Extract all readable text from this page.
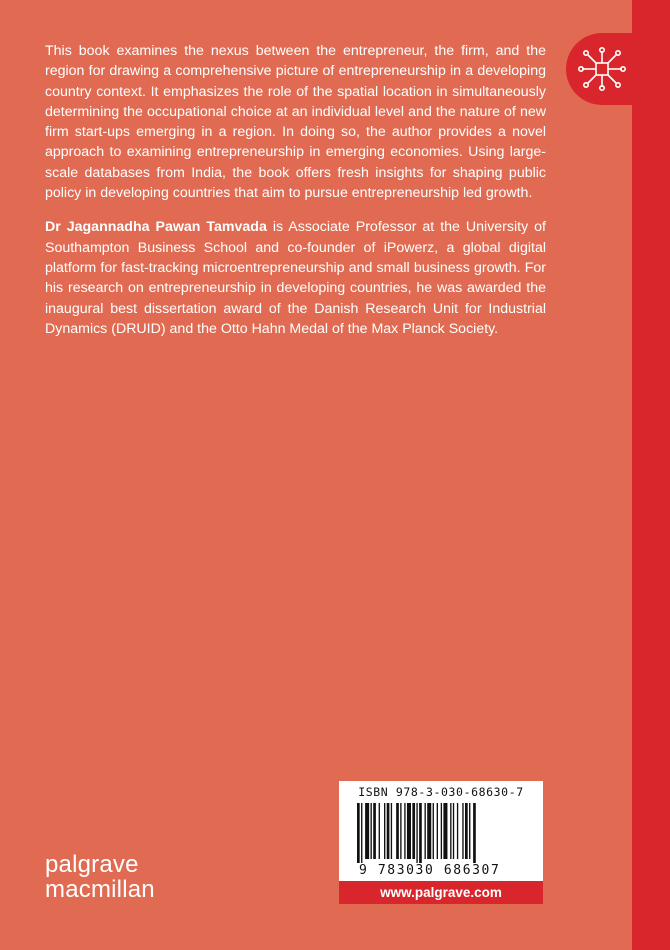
This book examines the nexus between the entrepreneur, the firm, and the region for drawing a comprehensive picture of entrepreneurship in a developing country context. It emphasizes the role of the spatial location in simultaneously determining the occupational choice at an individual level and the nature of new firm start-ups emerging in a region. In doing so, the author provides a novel approach to examining entrepreneurship in emerging economies. Using large-scale databases from India, the book offers fresh insights for shaping public policy in developing countries that aim to pursue entrepreneurship led growth.

Dr Jagannadha Pawan Tamvada is Associate Professor at the University of Southampton Business School and co-founder of iPowerz, a global digital platform for fast-tracking microentrepreneurship and small business growth. For his research on entrepreneurship in developing countries, he was awarded the inaugural best dissertation award of the Danish Research Unit for Industrial Dynamics (DRUID) and the Otto Hahn Medal of the Max Planck Society.

ISBN 978-3-030-68630-7
9 783030 686307
www.palgrave.com
palgrave
macmillan
